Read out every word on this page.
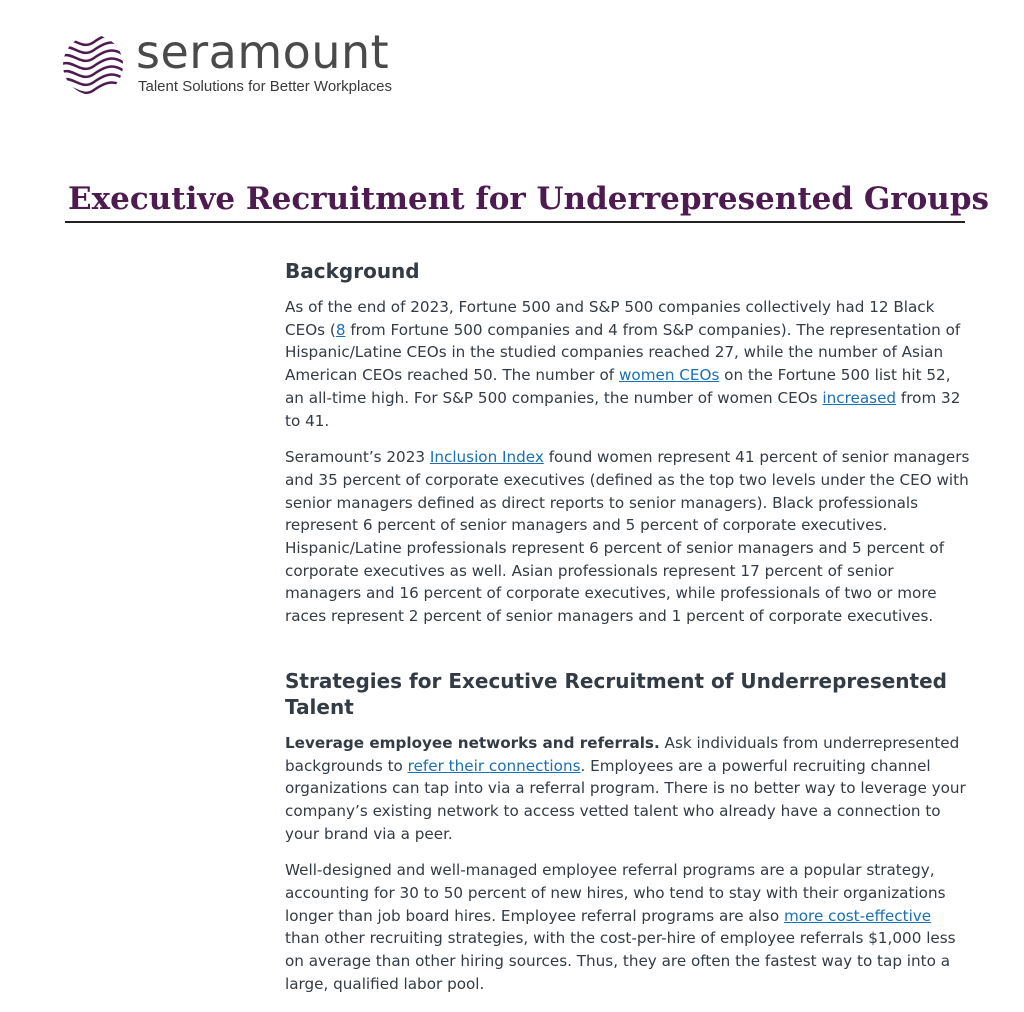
seramount
Talent Solutions for Better Workplaces
Executive Recruitment for Underrepresented Groups
Background

As of the end of 2023, Fortune 500 and S&P 500 companies collectively had 12 Black CEOs (8 from Fortune 500 companies and 4 from S&P companies). The representation of Hispanic/Latine CEOs in the studied companies reached 27, while the number of Asian American CEOs reached 50. The number of women CEOs on the Fortune 500 list hit 52, an all-time high. For S&P 500 companies, the number of women CEOs increased from 32 to 41.

Seramount’s 2023 Inclusion Index found women represent 41 percent of senior managers and 35 percent of corporate executives (defined as the top two levels under the CEO with senior managers defined as direct reports to senior managers). Black professionals represent 6 percent of senior managers and 5 percent of corporate executives. Hispanic/Latine professionals represent 6 percent of senior managers and 5 percent of corporate executives as well. Asian professionals represent 17 percent of senior managers and 16 percent of corporate executives, while professionals of two or more races represent 2 percent of senior managers and 1 percent of corporate executives.

Strategies for Executive Recruitment of Underrepresented Talent

Leverage employee networks and referrals. Ask individuals from underrepresented backgrounds to refer their connections. Employees are a powerful recruiting channel organizations can tap into via a referral program. There is no better way to leverage your company’s existing network to access vetted talent who already have a connection to your brand via a peer.

Well-designed and well-managed employee referral programs are a popular strategy, accounting for 30 to 50 percent of new hires, who tend to stay with their organizations longer than job board hires. Employee referral programs are also more cost-effective than other recruiting strategies, with the cost-per-hire of employee referrals $1,000 less on average than other hiring sources. Thus, they are often the fastest way to tap into a large, qualified labor pool.
